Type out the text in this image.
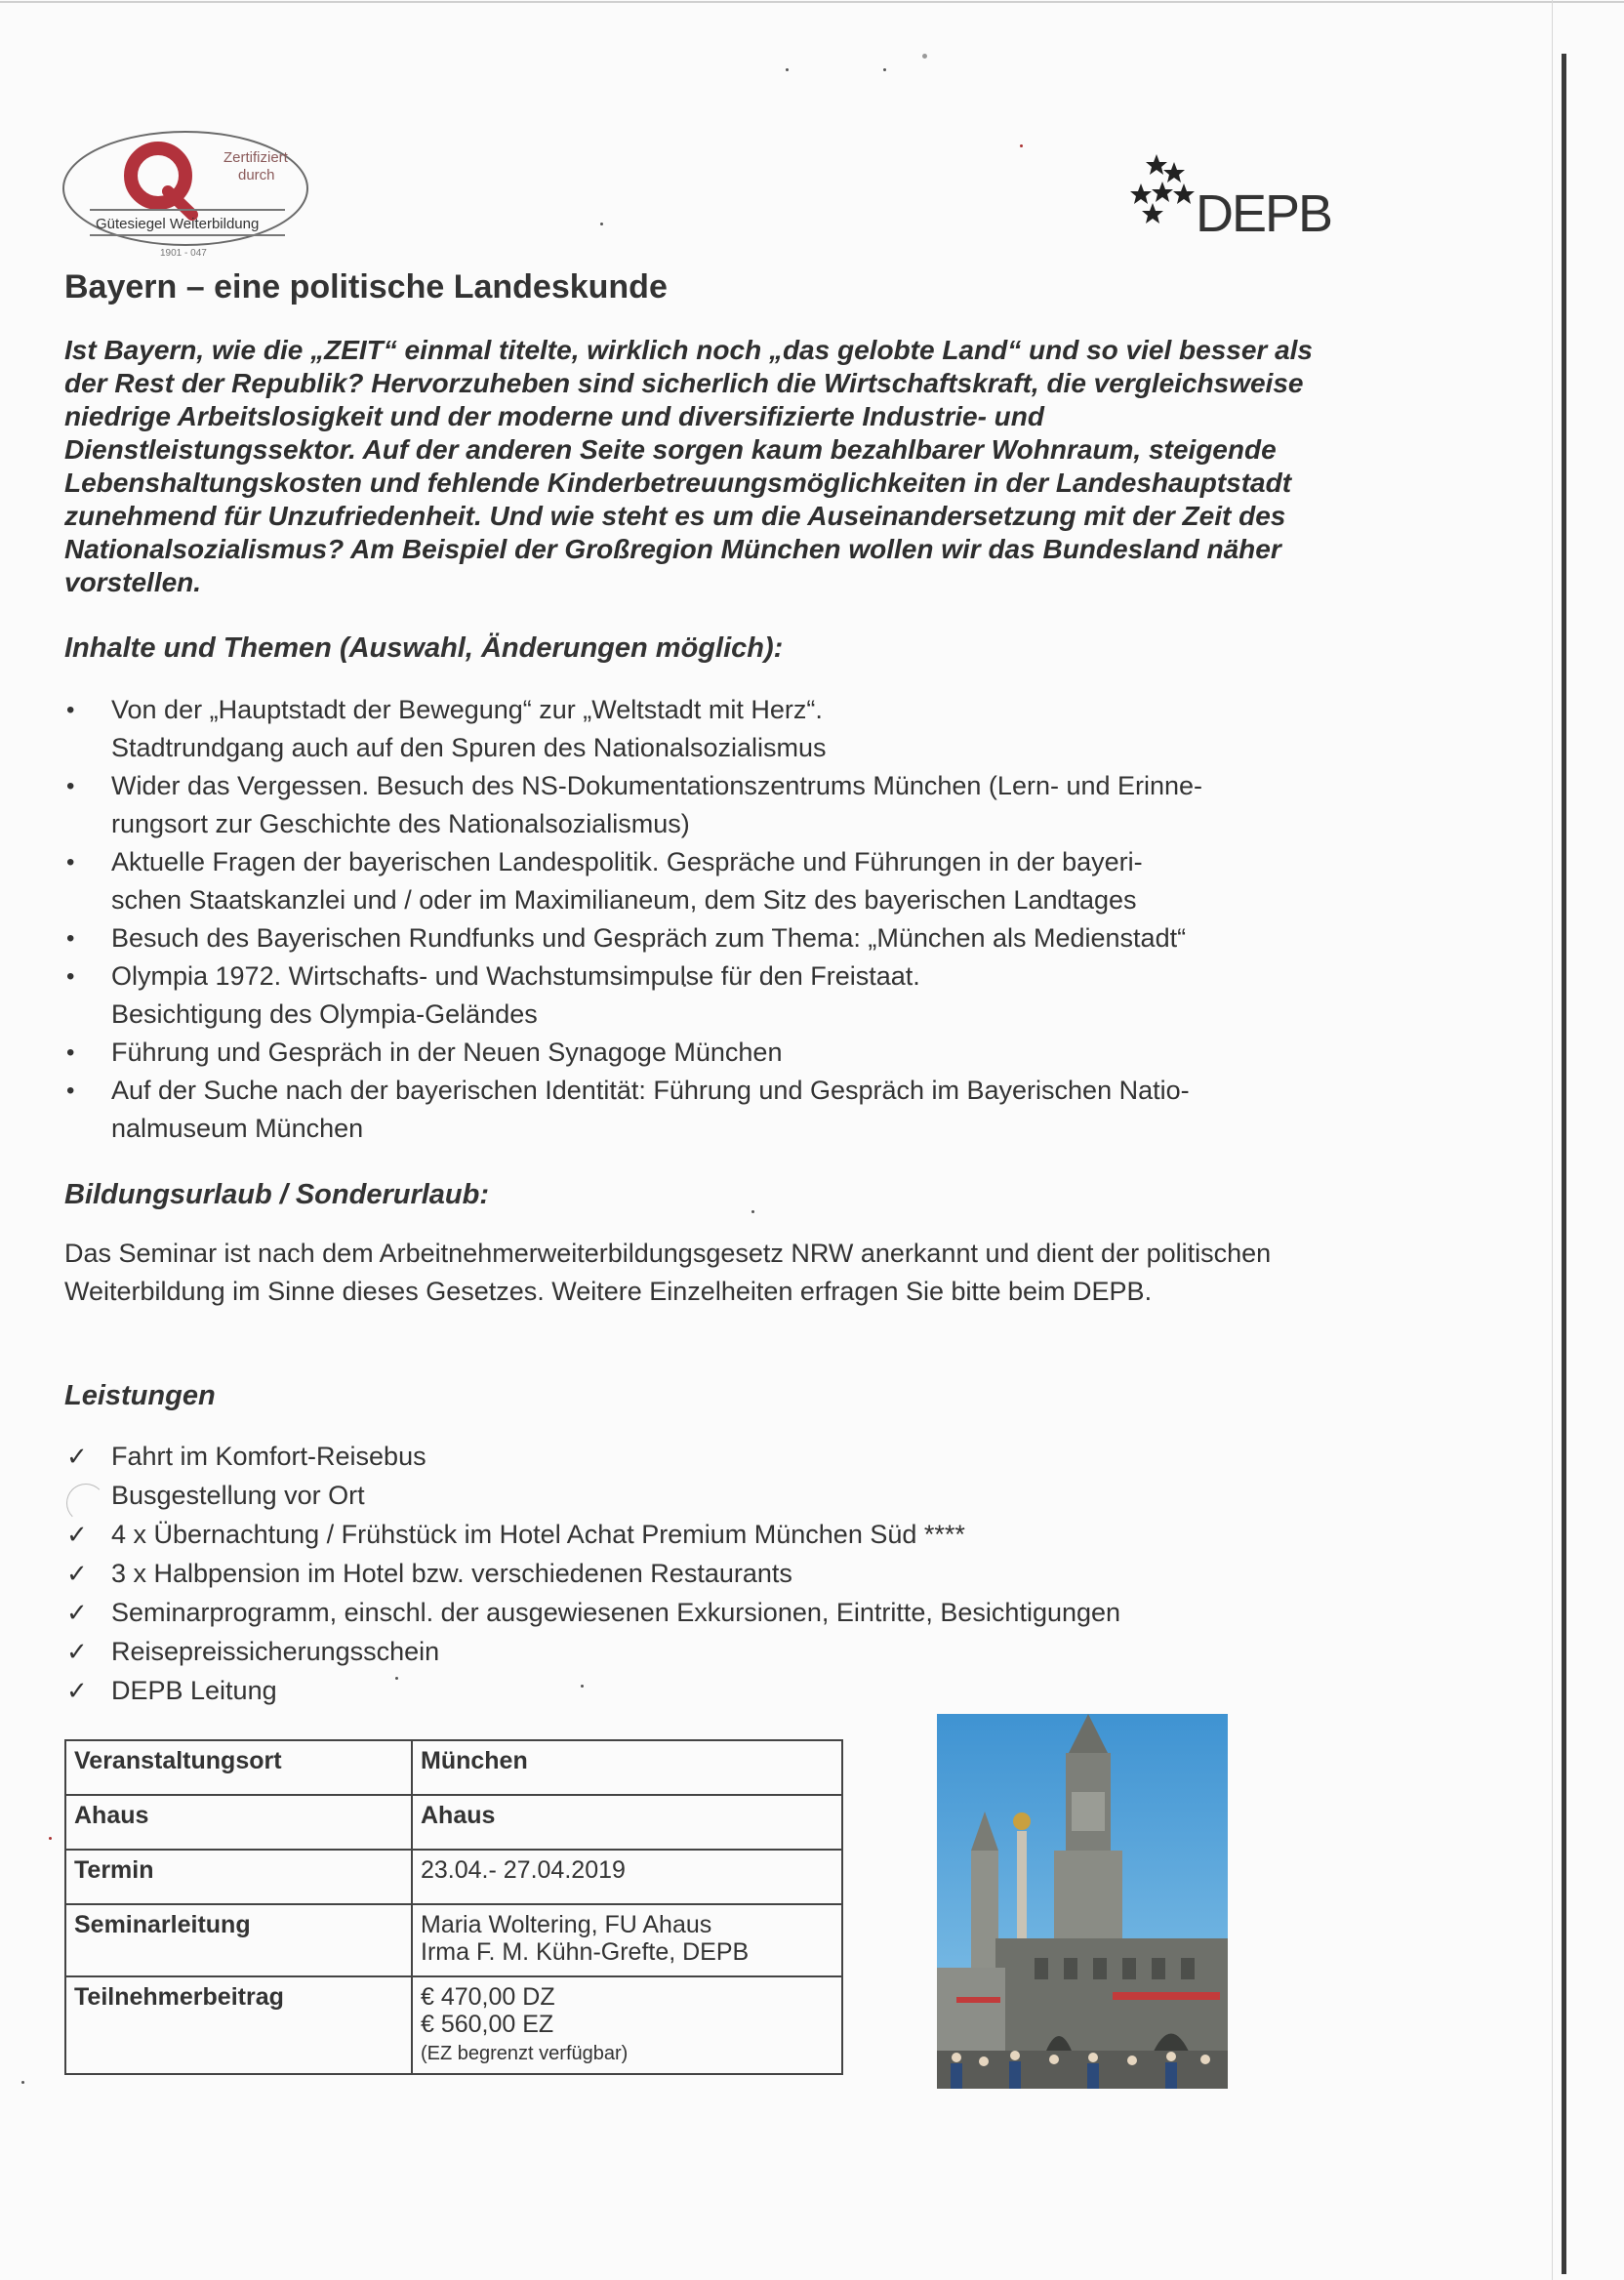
Zertifiziert
durch
Gütesiegel Weiterbildung
1901 - 047
DEPB
Bayern – eine politische Landeskunde

Ist Bayern, wie die „ZEIT“ einmal titelte, wirklich noch „das gelobte Land“ und so viel besser als der Rest der Republik? Hervorzuheben sind sicherlich die Wirtschaftskraft, die vergleichsweise niedrige Arbeitslosigkeit und der moderne und diversifizierte Industrie- und Dienstleistungssektor. Auf der anderen Seite sorgen kaum bezahlbarer Wohnraum, steigende Lebenshaltungskosten und fehlende Kinderbetreuungsmöglichkeiten in der Landeshauptstadt zunehmend für Unzufriedenheit. Und wie steht es um die Auseinandersetzung mit der Zeit des Nationalsozialismus? Am Beispiel der Großregion München wollen wir das Bundesland näher vorstellen.

Inhalte und Themen (Auswahl, Änderungen möglich):
• Von der „Hauptstadt der Bewegung“ zur „Weltstadt mit Herz“.
Stadtrundgang auch auf den Spuren des Nationalsozialismus
• Wider das Vergessen. Besuch des NS-Dokumentationszentrums München (Lern- und Erinne-
rungsort zur Geschichte des Nationalsozialismus)
• Aktuelle Fragen der bayerischen Landespolitik. Gespräche und Führungen in der bayeri-
schen Staatskanzlei und / oder im Maximilianeum, dem Sitz des bayerischen Landtages
• Besuch des Bayerischen Rundfunks und Gespräch zum Thema: „München als Medienstadt“
• Olympia 1972. Wirtschafts- und Wachstumsimpulse für den Freistaat.
Besichtigung des Olympia-Geländes
• Führung und Gespräch in der Neuen Synagoge München
• Auf der Suche nach der bayerischen Identität: Führung und Gespräch im Bayerischen Natio-
nalmuseum München
Bildungsurlaub / Sonderurlaub:

Das Seminar ist nach dem Arbeitnehmerweiterbildungsgesetz NRW anerkannt und dient der politischen Weiterbildung im Sinne dieses Gesetzes. Weitere Einzelheiten erfragen Sie bitte beim DEPB.

Leistungen
✓ Fahrt im Komfort-Reisebus
Busgestellung vor Ort
✓ 4 x Übernachtung / Frühstück im Hotel Achat Premium München Süd ****
✓ 3 x Halbpension im Hotel bzw. verschiedenen Restaurants
✓ Seminarprogramm, einschl. der ausgewiesenen Exkursionen, Eintritte, Besichtigungen
✓ Reisepreissicherungsschein
✓ DEPB Leitung
Veranstaltungsort	München
Ahaus	Ahaus
Termin	23.04.- 27.04.2019
Seminarleitung	Maria Woltering, FU Ahaus
Irma F. M. Kühn-Grefte, DEPB
Teilnehmerbeitrag	€ 470,00 DZ
€ 560,00 EZ
(EZ begrenzt verfügbar)
